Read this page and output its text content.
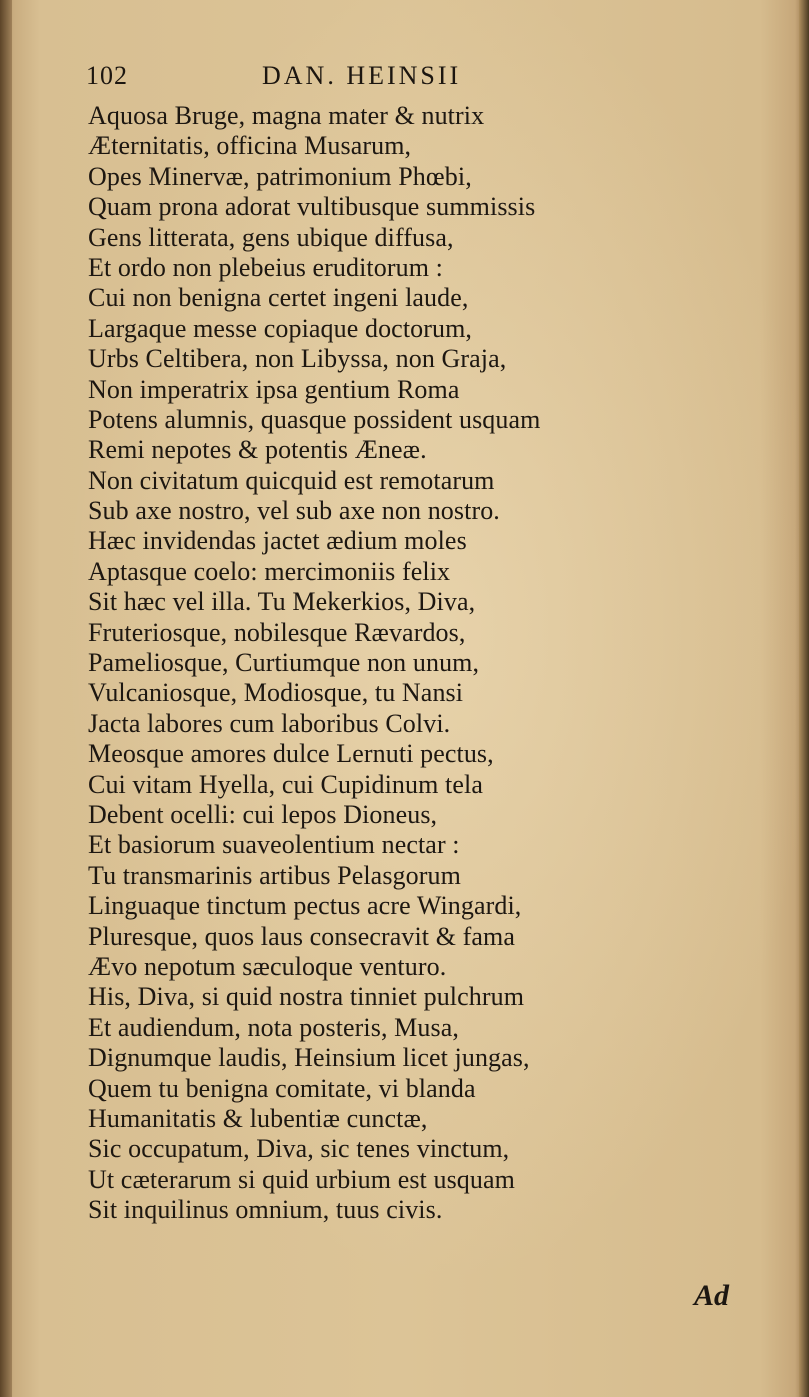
102	DAN. HEINSII
Aquosa Bruge, magna mater & nutrix
Æternitatis, officina Musarum,
Opes Minervæ, patrimonium Phœbi,
Quam prona adorat vultibusque summissis
Gens litterata, gens ubique diffusa,
Et ordo non plebeius eruditorum :
Cui non benigna certet ingeni laude,
Largaque messe copiaque doctorum,
Urbs Celtibera, non Libyssa, non Graja,
Non imperatrix ipsa gentium Roma
Potens alumnis, quasque possident usquam
Remi nepotes & potentis Æneæ.
Non civitatum quicquid est remotarum
Sub axe nostro, vel sub axe non nostro.
Hæc invidendas jactet ædium moles
Aptasque coelo: mercimoniis felix
Sit hæc vel illa. Tu Mekerkios, Diva,
Fruteriosque, nobilesque Rævardos,
Pameliosque, Curtiumque non unum,
Vulcaniosque, Modiosque, tu Nansi
Jacta labores cum laboribus Colvi.
Meosque amores dulce Lernuti pectus,
Cui vitam Hyella, cui Cupidinum tela
Debent ocelli: cui lepos Dioneus,
Et basiorum suaveolentium nectar :
Tu transmarinis artibus Pelasgorum
Linguaque tinctum pectus acre Wingardi,
Pluresque, quos laus consecravit & fama
Ævo nepotum sæculoque venturo.
His, Diva, si quid nostra tinniet pulchrum
Et audiendum, nota posteris, Musa,
Dignumque laudis, Heinsium licet jungas,
Quem tu benigna comitate, vi blanda
Humanitatis & lubentiæ cunctæ,
Sic occupatum, Diva, sic tenes vinctum,
Ut cæterarum si quid urbium est usquam
Sit inquilinus omnium, tuus civis.
Ad
